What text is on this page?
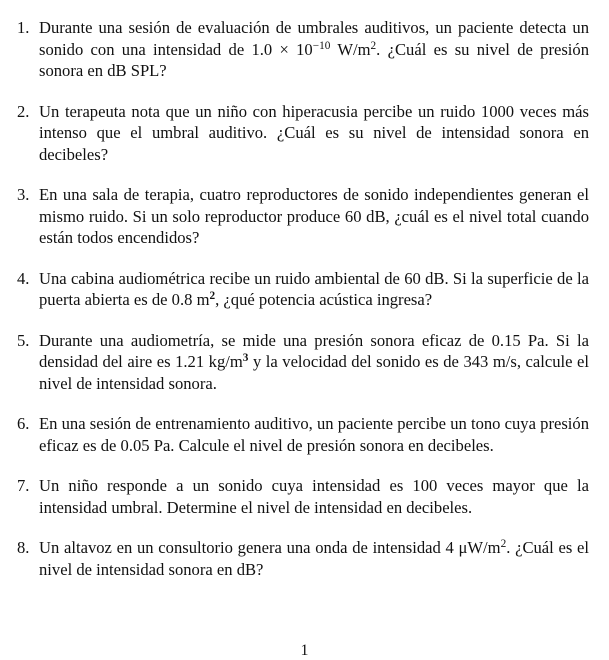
1. Durante una sesión de evaluación de umbrales auditivos, un paciente detecta un sonido con una intensidad de $1.0 \times 10^{-10}$ $W/m^2$. ¿Cuál es su nivel de presión sonora en dB SPL?
2. Un terapeuta nota que un niño con hiperacusia percibe un ruido 1000 veces más intenso que el umbral auditivo. ¿Cuál es su nivel de intensidad sonora en decibeles?
3. En una sala de terapia, cuatro reproductores de sonido independientes generan el mismo ruido. Si un solo reproductor produce 60 dB, ¿cuál es el nivel total cuando están todos encendidos?
4. Una cabina audiométrica recibe un ruido ambiental de 60 dB. Si la superficie de la puerta abierta es de 0.8 $m^2$, ¿qué potencia acústica ingresa?
5. Durante una audiometría, se mide una presión sonora eficaz de 0.15 Pa. Si la densidad del aire es 1.21 $kg/m^3$ y la velocidad del sonido es de 343 m/s, calcule el nivel de intensidad sonora.
6. En una sesión de entrenamiento auditivo, un paciente percibe un tono cuya presión eficaz es de 0.05 Pa. Calcule el nivel de presión sonora en decibeles.
7. Un niño responde a un sonido cuya intensidad es 100 veces mayor que la intensidad umbral. Determine el nivel de intensidad en decibeles.
8. Un altavoz en un consultorio genera una onda de intensidad 4 $\mu W/m^2$. ¿Cuál es el nivel de intensidad sonora en dB?
1
